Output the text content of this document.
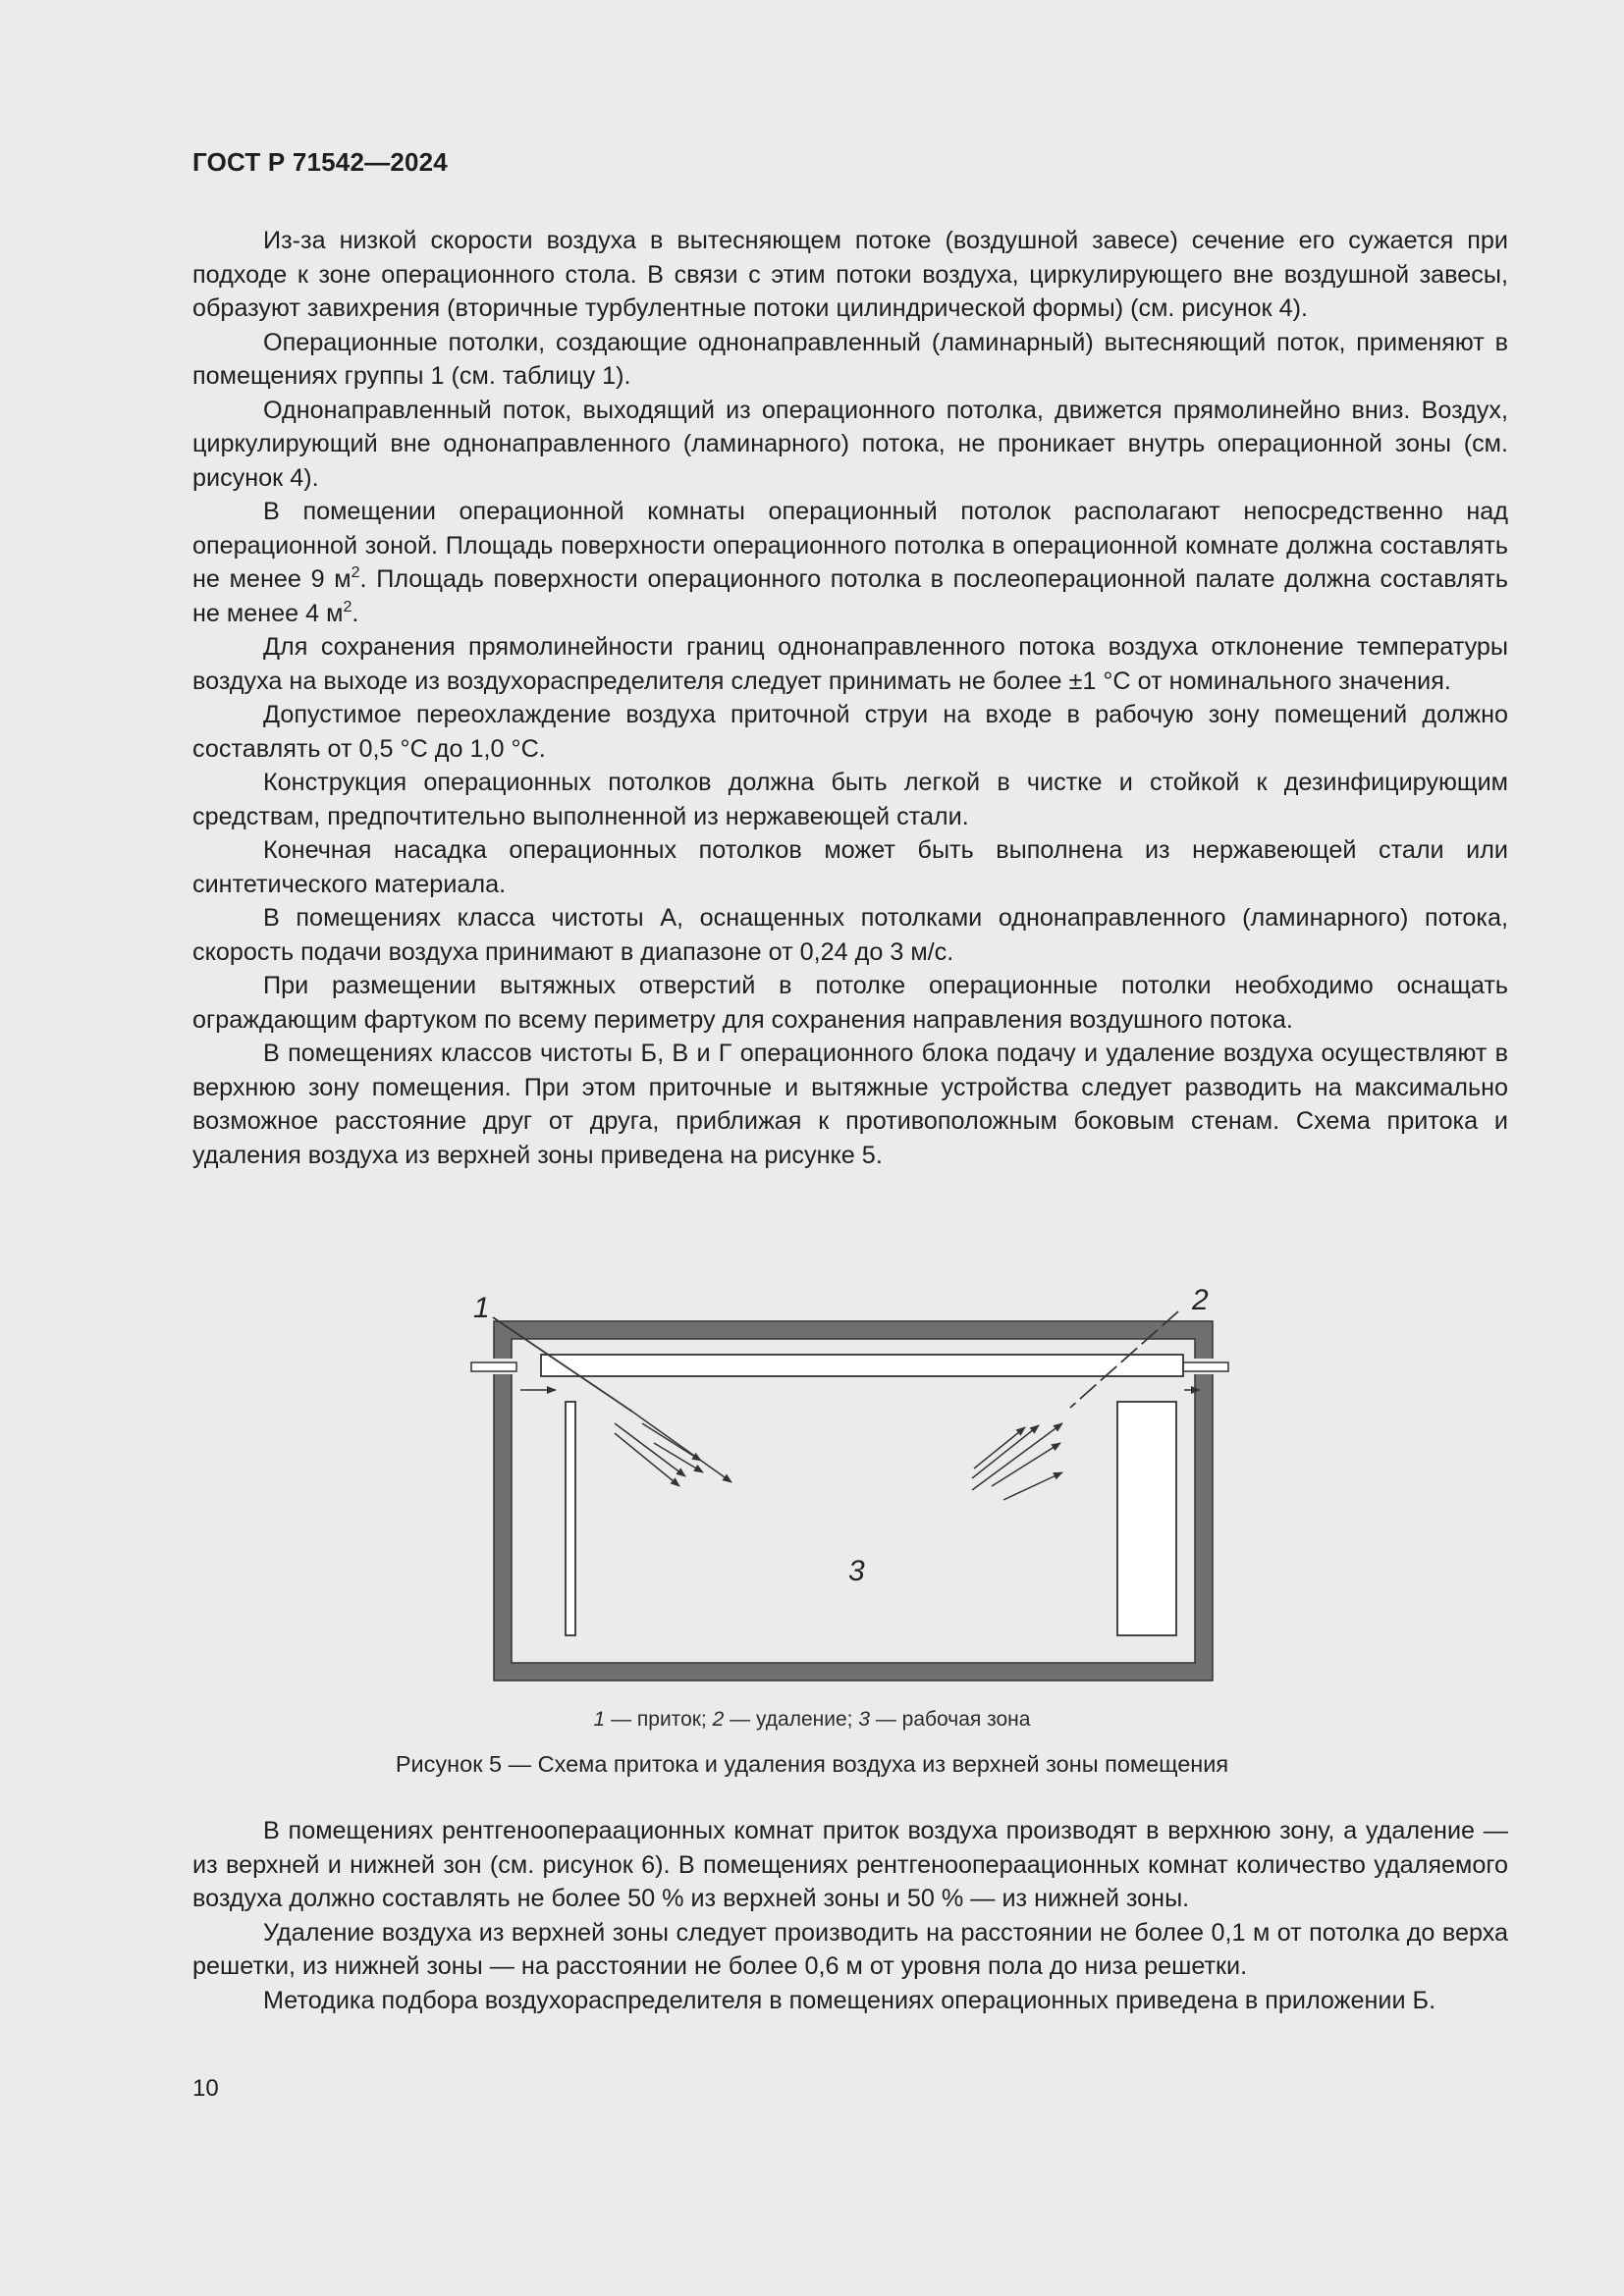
ГОСТ Р 71542—2024

Из-за низкой скорости воздуха в вытесняющем потоке (воздушной завесе) сечение его сужается при подходе к зоне операционного стола. В связи с этим потоки воздуха, циркулирующего вне воздушной завесы, образуют завихрения (вторичные турбулентные потоки цилиндрической формы) (см. рисунок 4).

Операционные потолки, создающие однонаправленный (ламинарный) вытесняющий поток, применяют в помещениях группы 1 (см. таблицу 1).

Однонаправленный поток, выходящий из операционного потолка, движется прямолинейно вниз. Воздух, циркулирующий вне однонаправленного (ламинарного) потока, не проникает внутрь операционной зоны (см. рисунок 4).

В помещении операционной комнаты операционный потолок располагают непосредственно над операционной зоной. Площадь поверхности операционного потолка в операционной комнате должна составлять не менее 9 $м^2$. Площадь поверхности операционного потолка в послеоперационной палате должна составлять не менее 4 $м^2$.

Для сохранения прямолинейности границ однонаправленного потока воздуха отклонение температуры воздуха на выходе из воздухораспределителя следует принимать не более ±1 °С от номинального значения.

Допустимое переохлаждение воздуха приточной струи на входе в рабочую зону помещений должно составлять от 0,5 °С до 1,0 °С.

Конструкция операционных потолков должна быть легкой в чистке и стойкой к дезинфицирующим средствам, предпочтительно выполненной из нержавеющей стали.

Конечная насадка операционных потолков может быть выполнена из нержавеющей стали или синтетического материала.

В помещениях класса чистоты А, оснащенных потолками однонаправленного (ламинарного) потока, скорость подачи воздуха принимают в диапазоне от 0,24 до 3 м/с.

При размещении вытяжных отверстий в потолке операционные потолки необходимо оснащать ограждающим фартуком по всему периметру для сохранения направления воздушного потока.

В помещениях классов чистоты Б, В и Г операционного блока подачу и удаление воздуха осуществляют в верхнюю зону помещения. При этом приточные и вытяжные устройства следует разводить на максимально возможное расстояние друг от друга, приближая к противоположным боковым стенам. Схема притока и удаления воздуха из верхней зоны приведена на рисунке 5.

1	2
3
1 — приток; 2 — удаление; 3 — рабочая зона
Рисунок 5 — Схема притока и удаления воздуха из верхней зоны помещения

В помещениях рентгеноопераационных комнат приток воздуха производят в верхнюю зону, а удаление — из верхней и нижней зон (см. рисунок 6). В помещениях рентгеноопераационных комнат количество удаляемого воздуха должно составлять не более 50 % из верхней зоны и 50 % — из нижней зоны.

Удаление воздуха из верхней зоны следует производить на расстоянии не более 0,1 м от потолка до верха решетки, из нижней зоны — на расстоянии не более 0,6 м от уровня пола до низа решетки.

Методика подбора воздухораспределителя в помещениях операционных приведена в приложении Б.

10
